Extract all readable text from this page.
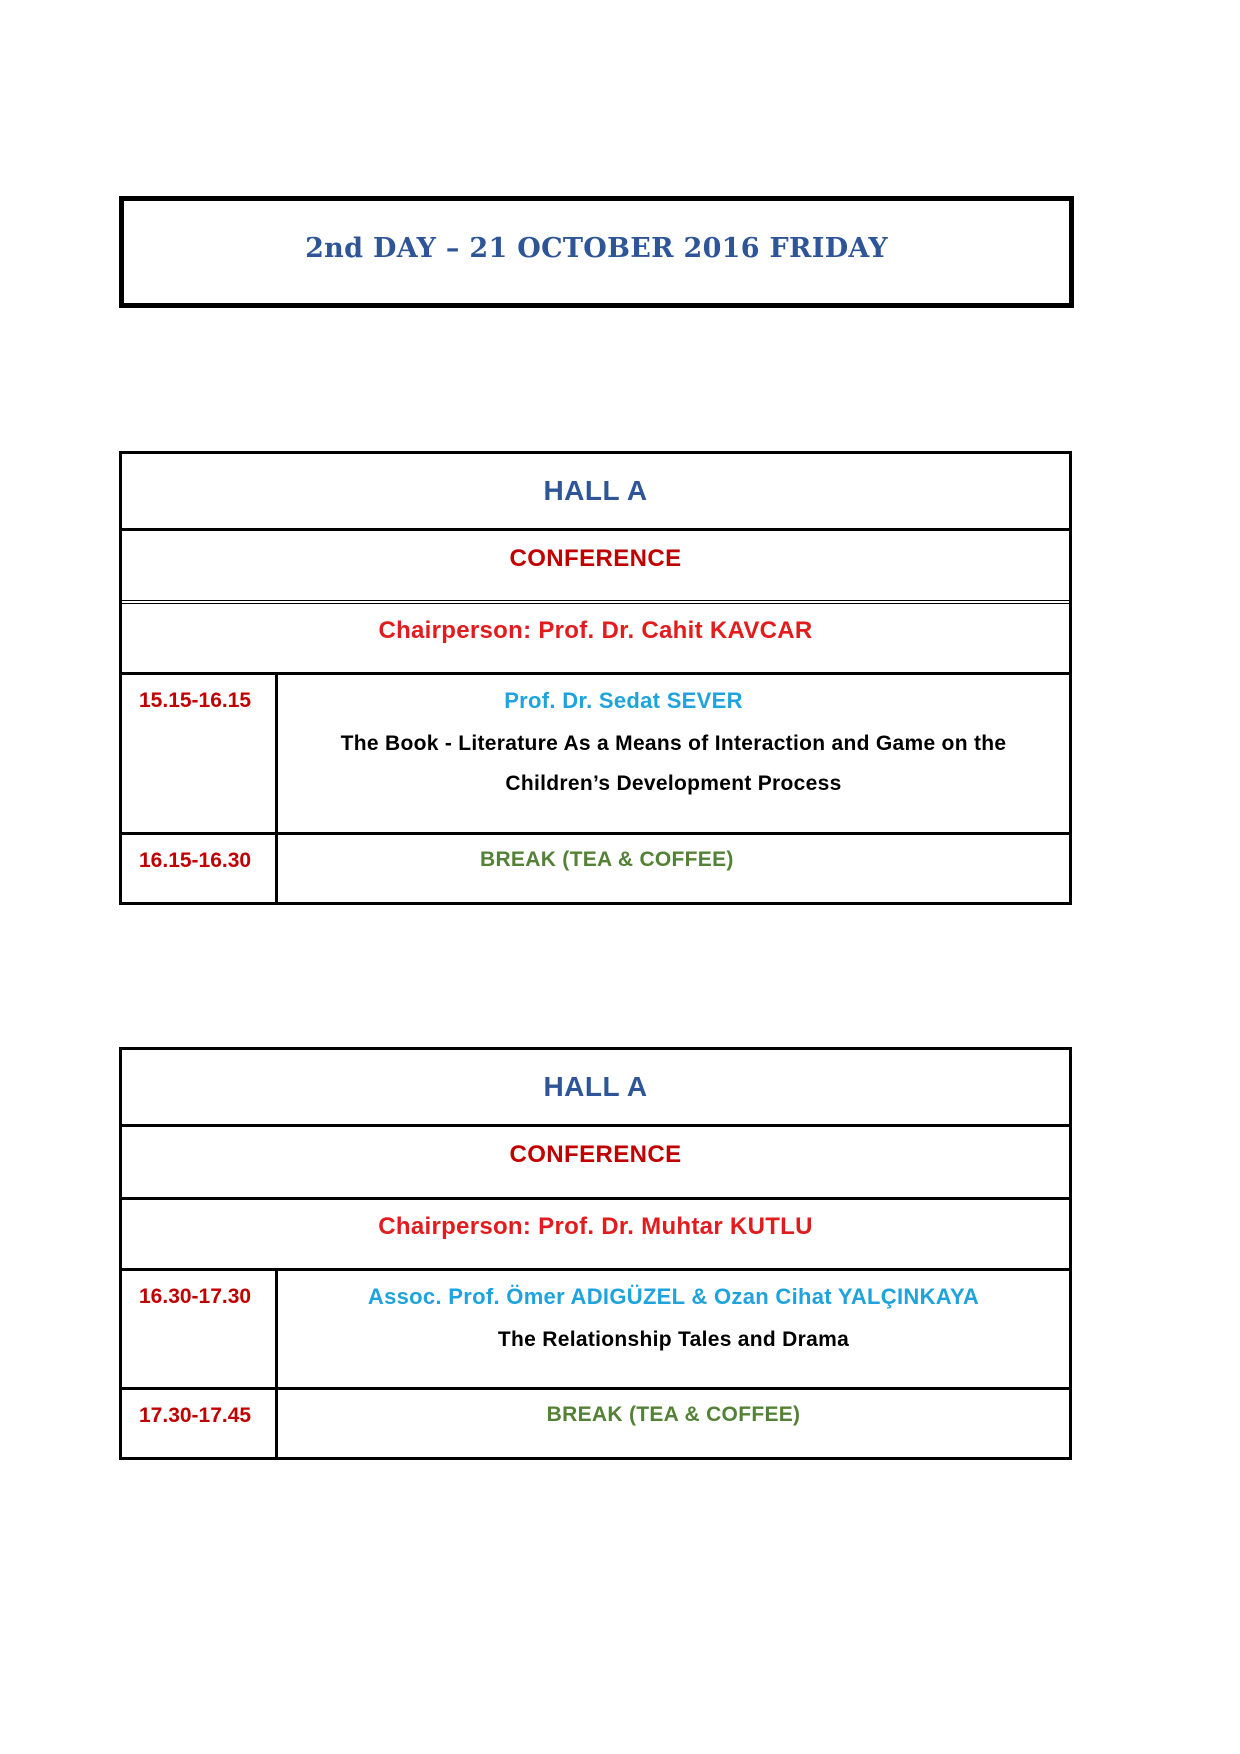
2nd DAY – 21 OCTOBER 2016 FRIDAY
HALL A
CONFERENCE
Chairperson: Prof. Dr. Cahit KAVCAR
15.15-16.15	Prof. Dr. Sedat SEVER
The Book - Literature As a Means of Interaction and Game on the
Children’s Development Process
16.15-16.30	BREAK (TEA & COFFEE)
HALL A
CONFERENCE
Chairperson: Prof. Dr. Muhtar KUTLU
16.30-17.30	Assoc. Prof. Ömer ADIGÜZEL & Ozan Cihat YALÇINKAYA
The Relationship Tales and Drama
17.30-17.45	BREAK (TEA & COFFEE)
